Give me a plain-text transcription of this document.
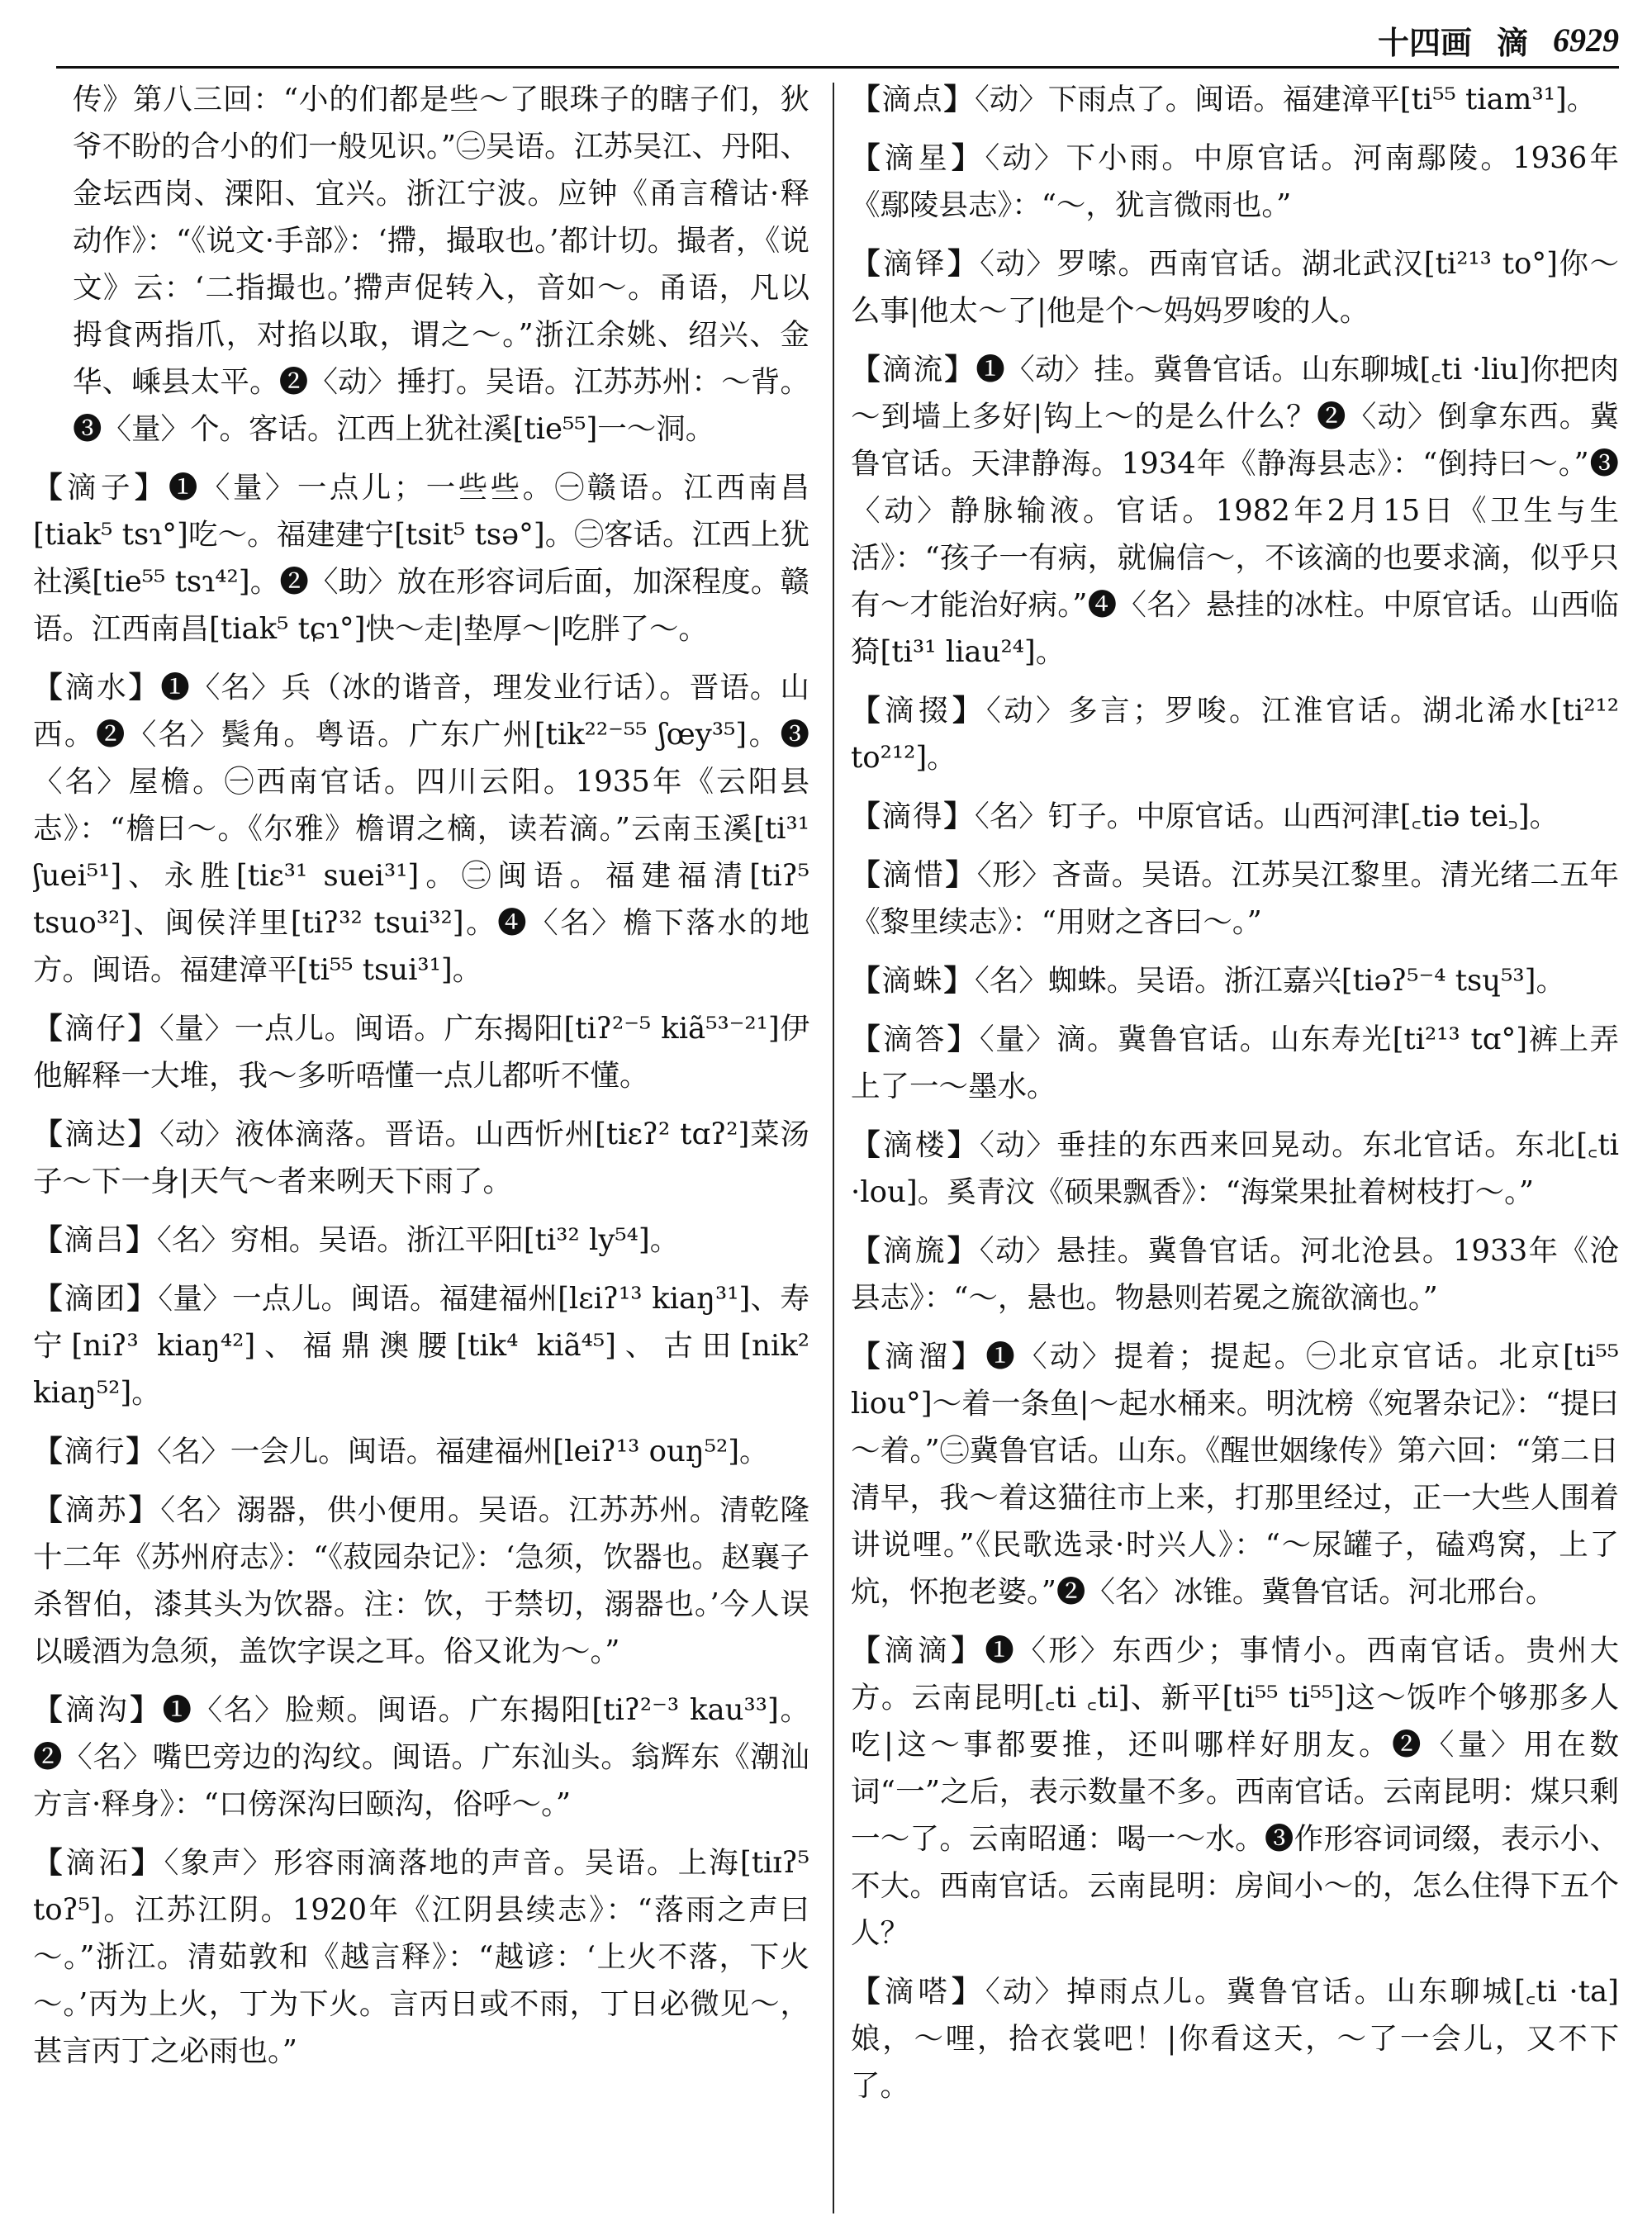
十四画 滴 6929
传》第八三回：“小的们都是些～了眼珠子的瞎子们，狄爷不盼的合小的们一般见识。”㊁吴语。江苏吴江、丹阳、金坛西岗、溧阳、宜兴。浙江宁波。应钟《甬言稽诂·释动作》：“《说文·手部》：‘摕，撮取也。’都计切。撮者，《说文》云：‘二指撮也。’摕声促转入，音如～。甬语，凡以拇食两指爪，对掐以取，谓之～。”浙江余姚、绍兴、金华、嵊县太平。❷〈动〉捶打。吴语。江苏苏州：～背。❸〈量〉个。客话。江西上犹社溪[tie⁵⁵]一～洞。
【滴子】❶〈量〉一点儿；一些些。㊀赣语。江西南昌[tiak⁵ tsɿ°]吃～。福建建宁[tsit⁵ tsə°]。㊁客话。江西上犹社溪[tie⁵⁵ tsɿ⁴²]。❷〈助〉放在形容词后面，加深程度。赣语。江西南昌[tiak⁵ tɕɿ°]快～走|垫厚～|吃胖了～。
【滴水】❶〈名〉兵（冰的谐音，理发业行话）。晋语。山西。❷〈名〉鬓角。粤语。广东广州[tik²²⁻⁵⁵ ʃœy³⁵]。❸〈名〉屋檐。㊀西南官话。四川云阳。1935年《云阳县志》：“檐曰～。《尔雅》檐谓之樀，读若滴。”云南玉溪[ti³¹ ʃuei⁵¹]、永胜[tiɛ³¹ suei³¹]。㊁闽语。福建福清[tiʔ⁵ tsuo³²]、闽侯洋里[tiʔ³² tsui³²]。❹〈名〉檐下落水的地方。闽语。福建漳平[ti⁵⁵ tsui³¹]。
【滴仔】〈量〉一点儿。闽语。广东揭阳[tiʔ²⁻⁵ kiã⁵³⁻²¹]伊他解释一大堆，我～多听唔懂一点儿都听不懂。
【滴达】〈动〉液体滴落。晋语。山西忻州[tiɛʔ² tɑʔ²]菜汤子～下一身|天气～者来咧天下雨了。
【滴吕】〈名〉穷相。吴语。浙江平阳[ti³² ly⁵⁴]。
【滴团】〈量〉一点儿。闽语。福建福州[lɛiʔ¹³ kiaŋ³¹]、寿宁[niʔ³ kiaŋ⁴²]、福鼎澳腰[tik⁴ kiã⁴⁵]、古田[nik² kiaŋ⁵²]。
【滴行】〈名〉一会儿。闽语。福建福州[leiʔ¹³ ouŋ⁵²]。
【滴苏】〈名〉溺器，供小便用。吴语。江苏苏州。清乾隆十二年《苏州府志》：“《菽园杂记》：‘急须，饮器也。赵襄子杀智伯，漆其头为饮器。注：饮，于禁切，溺器也。’今人误以暖酒为急须，盖饮字误之耳。俗又讹为～。”
【滴沟】❶〈名〉脸颊。闽语。广东揭阳[tiʔ²⁻³ kau³³]。❷〈名〉嘴巴旁边的沟纹。闽语。广东汕头。翁辉东《潮汕方言·释身》：“口傍深沟曰颐沟，俗呼～。”
【滴沰】〈象声〉形容雨滴落地的声音。吴语。上海[tiɪʔ⁵ toʔ⁵]。江苏江阴。1920年《江阴县续志》：“落雨之声曰～。”浙江。清茹敦和《越言释》：“越谚：‘上火不落，下火～。’丙为上火，丁为下火。言丙日或不雨，丁日必微见～，甚言丙丁之必雨也。”
【滴点】〈动〉下雨点了。闽语。福建漳平[ti⁵⁵ tiam³¹]。
【滴星】〈动〉下小雨。中原官话。河南鄢陵。1936年《鄢陵县志》：“～，犹言微雨也。”
【滴铎】〈动〉罗嗦。西南官话。湖北武汉[ti²¹³ to°]你～么事|他太～了|他是个～妈妈罗唆的人。
【滴流】❶〈动〉挂。冀鲁官话。山东聊城[꜀ti ·liu]你把肉～到墙上多好|钩上～的是么什么？❷〈动〉倒拿东西。冀鲁官话。天津静海。1934年《静海县志》：“倒持曰～。”❸〈动〉静脉输液。官话。1982年2月15日《卫生与生活》：“孩子一有病，就偏信～，不该滴的也要求滴，似乎只有～才能治好病。”❹〈名〉悬挂的冰柱。中原官话。山西临猗[ti³¹ liau²⁴]。
【滴掇】〈动〉多言；罗唆。江淮官话。湖北浠水[ti²¹² to²¹²]。
【滴得】〈名〉钉子。中原官话。山西河津[꜀tiə tei꜆]。
【滴惜】〈形〉吝啬。吴语。江苏吴江黎里。清光绪二五年《黎里续志》：“用财之吝曰～。”
【滴蛛】〈名〉蜘蛛。吴语。浙江嘉兴[tiəʔ⁵⁻⁴ tsɥ⁵³]。
【滴答】〈量〉滴。冀鲁官话。山东寿光[ti²¹³ tɑ°]裤上弄上了一～墨水。
【滴楼】〈动〉垂挂的东西来回晃动。东北官话。东北[꜀ti ·lou]。奚青汶《硕果飘香》：“海棠果扯着树枝打～。”
【滴旒】〈动〉悬挂。冀鲁官话。河北沧县。1933年《沧县志》：“～，悬也。物悬则若冕之旒欲滴也。”
【滴溜】❶〈动〉提着；提起。㊀北京官话。北京[ti⁵⁵ liou°]～着一条鱼|～起水桶来。明沈榜《宛署杂记》：“提曰～着。”㊁冀鲁官话。山东。《醒世姻缘传》第六回：“第二日清早，我～着这猫往市上来，打那里经过，正一大些人围着讲说哩。”《民歌选录·时兴人》：“～尿罐子，磕鸡窝，上了炕，怀抱老婆。”❷〈名〉冰锥。冀鲁官话。河北邢台。
【滴滴】❶〈形〉东西少；事情小。西南官话。贵州大方。云南昆明[꜀ti ꜀ti]、新平[ti⁵⁵ ti⁵⁵]这～饭咋个够那多人吃|这～事都要推，还叫哪样好朋友。❷〈量〉用在数词“一”之后，表示数量不多。西南官话。云南昆明：煤只剩一～了。云南昭通：喝一～水。❸作形容词词缀，表示小、不大。西南官话。云南昆明：房间小～的，怎么住得下五个人？
【滴嗒】〈动〉掉雨点儿。冀鲁官话。山东聊城[꜀ti ·ta]娘，～哩，拾衣裳吧！|你看这天，～了一会儿，又不下了。
